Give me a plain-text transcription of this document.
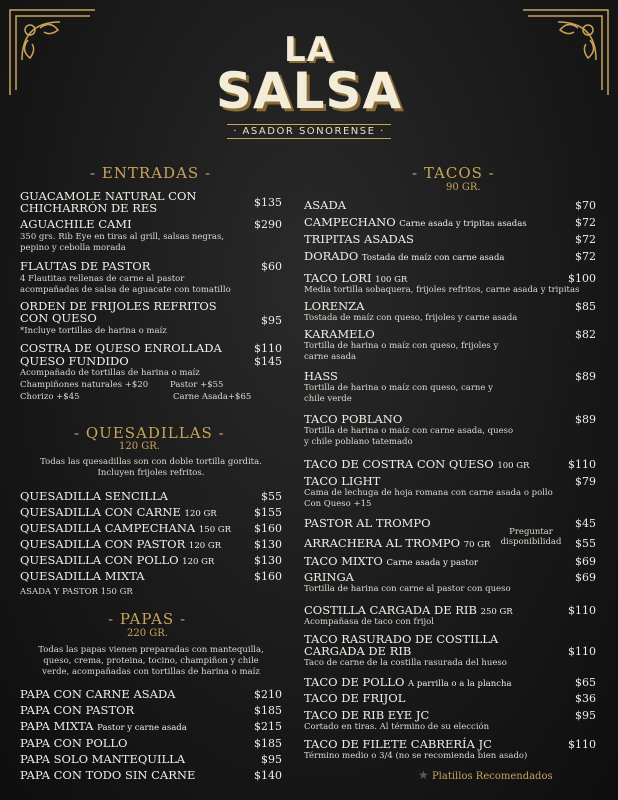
LA
SALSA
· ASADOR SONORENSE ·
- ENTRADAS -
GUACAMOLE NATURAL CON
CHICHARRÓN DE RES	$135
AGUACHILE CAMI	$290
350 grs. Rib Eye en tiras al grill, salsas negras,
pepino y cebolla morada
FLAUTAS DE PASTOR	$60
4 Flautitas rellenas de carne al pastor
acompañadas de salsa de aguacate con tomatillo
ORDEN DE FRIJOLES REFRITOS
CON QUESO	$95
*Incluye tortillas de harina o maíz
COSTRA DE QUESO ENROLLADA	$110
QUESO FUNDIDO	$145
Acompañado de tortillas de harina o maíz
Champiñones naturales +$20	Pastor +$55
Chorizo +$45	Carne Asada+$65
- QUESADILLAS -
120 GR.
Todas las quesadillas son con doble tortilla gordita.
Incluyen frijoles refritos.
QUESADILLA SENCILLA	$55
QUESADILLA CON CARNE 120 GR	$155
QUESADILLA CAMPECHANA 150 GR	$160
QUESADILLA CON PASTOR 120 GR	$130
QUESADILLA CON POLLO 120 GR	$130
QUESADILLA MIXTA	$160
ASADA Y PASTOR 150 GR
- PAPAS -
220 GR.
Todas las papas vienen preparadas con mantequilla,
queso, crema, proteina, tocino, champiñon y chile
verde, acompañadas con tortillas de harina o maíz
PAPA CON CARNE ASADA	$210
PAPA CON PASTOR	$185
PAPA MIXTA Pastor y carne asada	$215
PAPA CON POLLO	$185
PAPA SOLO MANTEQUILLA	$95
PAPA CON TODO SIN CARNE	$140
- TACOS -
90 GR.
ASADA	$70
CAMPECHANO Carne asada y tripitas asadas	$72
TRIPITAS ASADAS	$72
DORADO Tostada de maíz con carne asada	$72
TACO LORI 100 GR	$100
Media tortilla sobaquera, frijoles refritos, carne asada y tripitas
LORENZA	$85
Tostada de maíz con queso, frijoles y carne asada
KARAMELO	$82
Tortilla de harina o maíz con queso, frijoles y
carne asada
HASS	$89
Tortilla de harina o maíz con queso, carne y
chile verde
TACO POBLANO	$89
Tortilla de harina o maíz con carne asada, queso
y chile poblano tatemado
TACO DE COSTRA CON QUESO 100 GR	$110
TACO LIGHT	$79
Cama de lechuga de hoja romana con carne asada o pollo
Con Queso +15
PASTOR AL TROMPO	$45
ARRACHERA AL TROMPO 70 GR
Preguntar
disponibilidad	$55
TACO MIXTO Carne asada y pastor	$69
GRINGA	$69
Tortilla de harina con carne al pastor con queso
COSTILLA CARGADA DE RIB 250 GR	$110
Acompañasa de taco con frijol
TACO RASURADO DE COSTILLA
CARGADA DE RIB	$110
Taco de carne de la costilla rasurada del hueso
TACO DE POLLO A parrilla o a la plancha	$65
TACO DE FRIJOL	$36
TACO DE RIB EYE JC	$95
Cortado en tiras. Al término de su elección
TACO DE FILETE CABRERÍA JC	$110
Término medio o 3/4 (no se recomienda bien asado)
★ Platillos Recomendados
